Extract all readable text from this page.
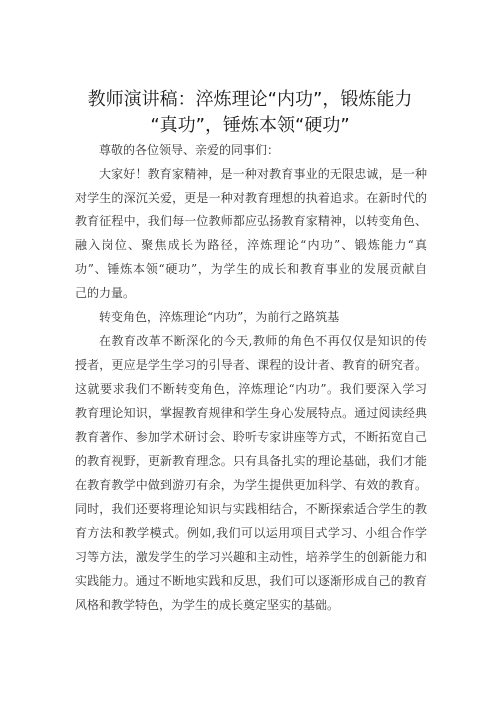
教师演讲稿：淬炼理论“内功”，锻炼能力
“真功”，锤炼本领“硬功”
尊敬的各位领导、亲爱的同事们：
大家好！教育家精神，是一种对教育事业的无限忠诚，是一种
对学生的深沉关爱，更是一种对教育理想的执着追求。在新时代的
教育征程中，我们每一位教师都应弘扬教育家精神，以转变角色、
融入岗位、聚焦成长为路径，淬炼理论“内功”、锻炼能力“真
功”、锤炼本领“硬功”，为学生的成长和教育事业的发展贡献自
己的力量。
转变角色，淬炼理论“内功”，为前行之路筑基
在教育改革不断深化的今天,教师的角色不再仅仅是知识的传
授者，更应是学生学习的引导者、课程的设计者、教育的研究者。
这就要求我们不断转变角色，淬炼理论“内功”。我们要深入学习
教育理论知识，掌握教育规律和学生身心发展特点。通过阅读经典
教育著作、参加学术研讨会、聆听专家讲座等方式，不断拓宽自己
的教育视野，更新教育理念。只有具备扎实的理论基础，我们才能
在教育教学中做到游刃有余，为学生提供更加科学、有效的教育。
同时，我们还要将理论知识与实践相结合，不断探索适合学生的教
育方法和教学模式。例如,我们可以运用项目式学习、小组合作学
习等方法，激发学生的学习兴趣和主动性，培养学生的创新能力和
实践能力。通过不断地实践和反思，我们可以逐渐形成自己的教育
风格和教学特色，为学生的成长奠定坚实的基础。
